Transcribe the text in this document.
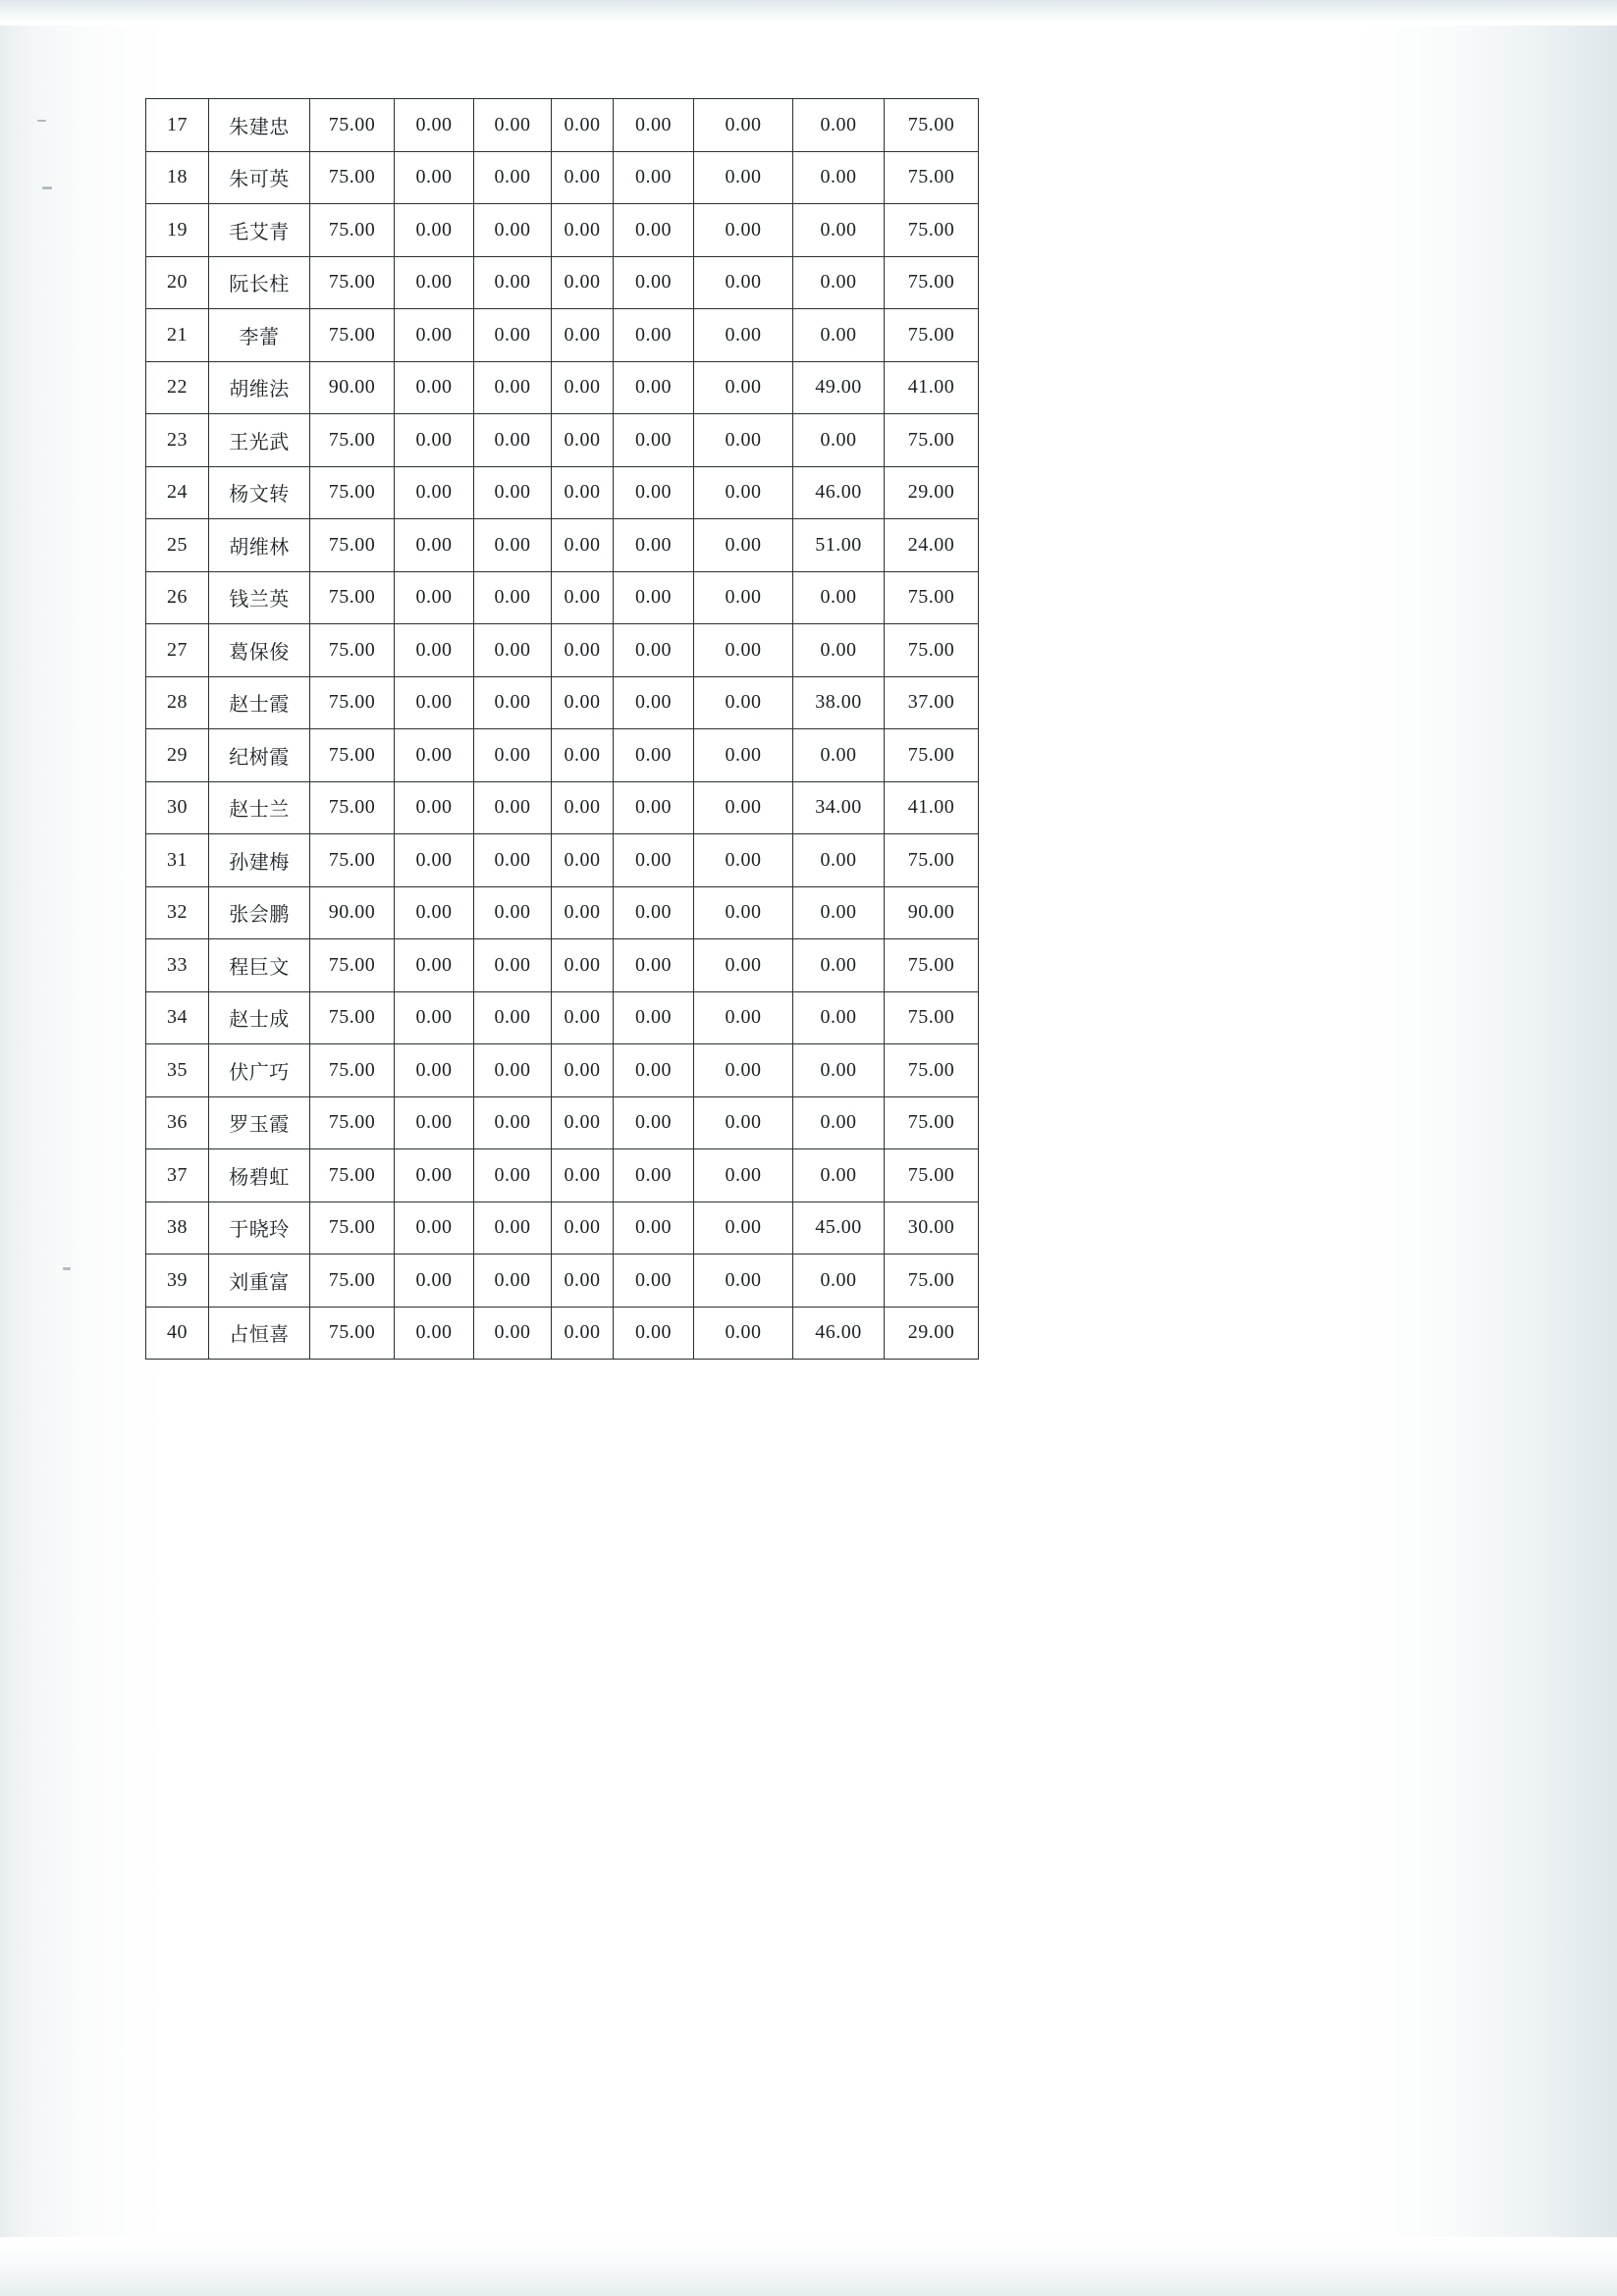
17	朱建忠	75.00	0.00	0.00	0.00	0.00	0.00	0.00	75.00
18	朱可英	75.00	0.00	0.00	0.00	0.00	0.00	0.00	75.00
19	毛艾青	75.00	0.00	0.00	0.00	0.00	0.00	0.00	75.00
20	阮长柱	75.00	0.00	0.00	0.00	0.00	0.00	0.00	75.00
21	李蕾	75.00	0.00	0.00	0.00	0.00	0.00	0.00	75.00
22	胡维法	90.00	0.00	0.00	0.00	0.00	0.00	49.00	41.00
23	王光武	75.00	0.00	0.00	0.00	0.00	0.00	0.00	75.00
24	杨文转	75.00	0.00	0.00	0.00	0.00	0.00	46.00	29.00
25	胡维林	75.00	0.00	0.00	0.00	0.00	0.00	51.00	24.00
26	钱兰英	75.00	0.00	0.00	0.00	0.00	0.00	0.00	75.00
27	葛保俊	75.00	0.00	0.00	0.00	0.00	0.00	0.00	75.00
28	赵士霞	75.00	0.00	0.00	0.00	0.00	0.00	38.00	37.00
29	纪树霞	75.00	0.00	0.00	0.00	0.00	0.00	0.00	75.00
30	赵士兰	75.00	0.00	0.00	0.00	0.00	0.00	34.00	41.00
31	孙建梅	75.00	0.00	0.00	0.00	0.00	0.00	0.00	75.00
32	张会鹏	90.00	0.00	0.00	0.00	0.00	0.00	0.00	90.00
33	程巨文	75.00	0.00	0.00	0.00	0.00	0.00	0.00	75.00
34	赵士成	75.00	0.00	0.00	0.00	0.00	0.00	0.00	75.00
35	伏广巧	75.00	0.00	0.00	0.00	0.00	0.00	0.00	75.00
36	罗玉霞	75.00	0.00	0.00	0.00	0.00	0.00	0.00	75.00
37	杨碧虹	75.00	0.00	0.00	0.00	0.00	0.00	0.00	75.00
38	于晓玲	75.00	0.00	0.00	0.00	0.00	0.00	45.00	30.00
39	刘重富	75.00	0.00	0.00	0.00	0.00	0.00	0.00	75.00
40	占恒喜	75.00	0.00	0.00	0.00	0.00	0.00	46.00	29.00
